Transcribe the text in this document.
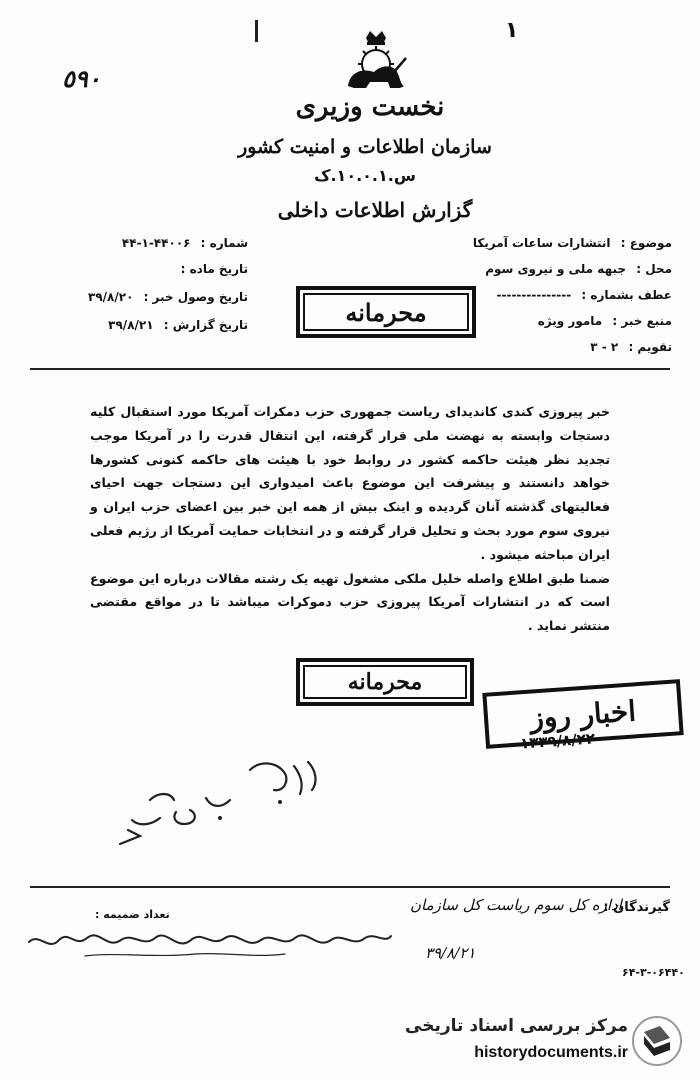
١
٥٩٠
نخست وزیری
سازمان اطلاعات و امنیت کشور
س.۱۰.۰.۱.ک
گزارش اطلاعات داخلی
موضوع : انتشارات ساعات آمریکا
محل : جبهه ملی و نیروی سوم
عطف بشماره : ---------------
منبع خبر : مامور ویژه
تقویم : ۲ - ۳
شماره : ۴۴۰۰۶-۱-۴۴
تاریخ ماده :
تاریخ وصول خبر : ۳۹/۸/۲۰
تاریخ گزارش : ۳۹/۸/۲۱	محرمانه

خبر پیروزی کندی کاندیدای ریاست جمهوری حزب دمکرات آمریکا مورد استقبال کلیه دستجات وابسته به نهضت ملی قرار گرفته، این انتقال قدرت را در آمریکا موجب تجدید نظر هیئت حاکمه کشور در روابط خود با هیئت های حاکمه کنونی کشورها خواهد دانستند و پیشرفت این موضوع باعث امیدواری این دستجات جهت احیای فعالیتهای گذشته آنان گردیده و اینک بیش از همه این خبر بین اعضای حزب ایران و نیروی سوم مورد بحث و تحلیل قرار گرفته و در انتخابات حمایت آمریکا از رژیم فعلی ایران مباحثه میشود .

ضمنا طبق اطلاع واصله خلیل ملکی مشغول تهیه یک رشته مقالات درباره این موضوع است که در انتشارات آمریکا پیروزی حزب دموکرات میباشد تا در مواقع مقتضی منتشر نماید .

محرمانه
اخبار روز
۱۳۳۹/۸/۲۲
گیرندگان :
اداره کل سوم ریاست کل سازمان
۳۹/۸/۲۱
تعداد ضمیمه :
۶۴-۳-۰۶۴۴۰
مرکز بررسی اسناد تاریخی
historydocuments.ir
